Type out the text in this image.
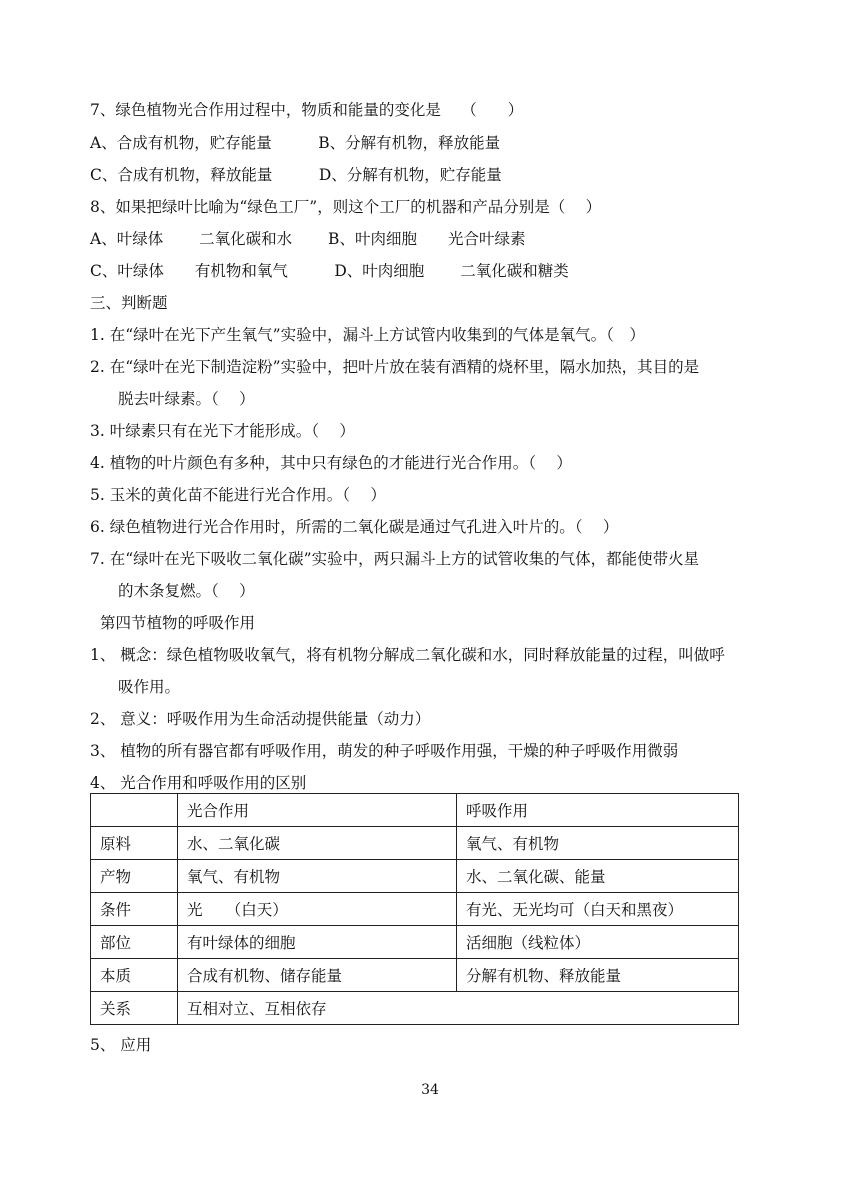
7、绿色植物光合作用过程中，物质和能量的变化是　 （　　）
A、合成有机物，贮存能量　　　B、分解有机物，释放能量
C、合成有机物，释放能量　　　D、分解有机物，贮存能量
8、如果把绿叶比喻为“绿色工厂”，则这个工厂的机器和产品分别是（　 ）
A、叶绿体　　 二氧化碳和水　　 B、叶肉细胞　　光合叶绿素
C、叶绿体　　有机物和氧气　　　D、叶肉细胞　　 二氧化碳和糖类
三、判断题
1. 在“绿叶在光下产生氧气”实验中，漏斗上方试管内收集到的气体是氧气。（　）
2. 在“绿叶在光下制造淀粉”实验中，把叶片放在装有酒精的烧杯里，隔水加热，其目的是
脱去叶绿素。（　 ）
3. 叶绿素只有在光下才能形成。（　 ）
4. 植物的叶片颜色有多种，其中只有绿色的才能进行光合作用。（　 ）
5. 玉米的黄化苗不能进行光合作用。（　 ）
6. 绿色植物进行光合作用时，所需的二氧化碳是通过气孔进入叶片的。（　 ）
7. 在“绿叶在光下吸收二氧化碳”实验中，两只漏斗上方的试管收集的气体，都能使带火星
的木条复燃。（　 ）
第四节植物的呼吸作用
1、 概念：绿色植物吸收氧气，将有机物分解成二氧化碳和水，同时释放能量的过程，叫做呼
吸作用。
2、 意义：呼吸作用为生命活动提供能量（动力）
3、 植物的所有器官都有呼吸作用，萌发的种子呼吸作用强，干燥的种子呼吸作用微弱
4、 光合作用和呼吸作用的区别
	光合作用	呼吸作用
原料	水、二氧化碳	氧气、有机物
产物	氧气、有机物	水、二氧化碳、能量
条件	光　　（白天）	有光、无光均可（白天和黑夜）
部位	有叶绿体的细胞	活细胞（线粒体）
本质	合成有机物、储存能量	分解有机物、释放能量
关系	互相对立、互相依存	
5、 应用
34
